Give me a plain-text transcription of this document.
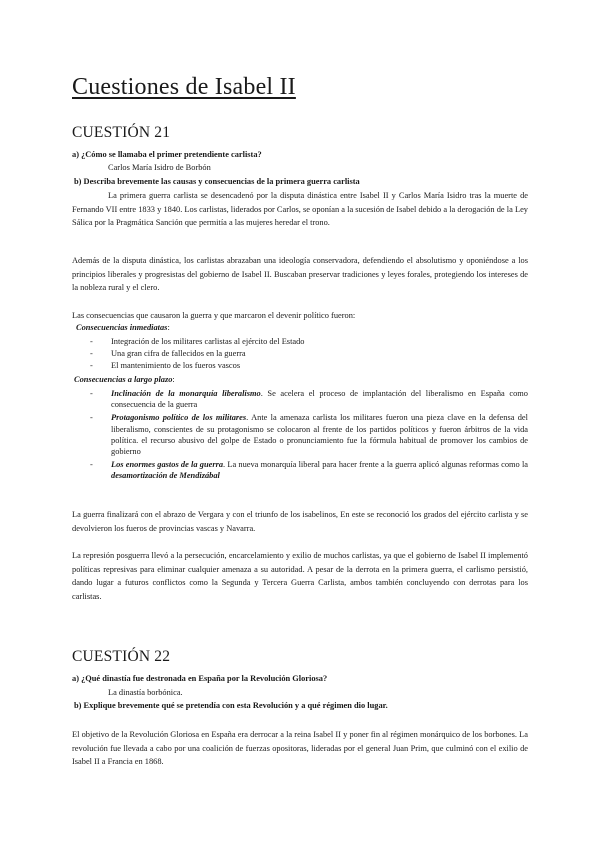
Cuestiones de Isabel II
CUESTIÓN 21

a) ¿Cómo se llamaba el primer pretendiente carlista?

Carlos María Isidro de Borbón

b) Describa brevemente las causas y consecuencias de la primera guerra carlista

La primera guerra carlista se desencadenó por la disputa dinástica entre Isabel II y Carlos María Isidro tras la muerte de Fernando VII entre 1833 y 1840. Los carlistas, liderados por Carlos, se oponían a la sucesión de Isabel debido a la derogación de la Ley Sálica por la Pragmática Sanción que permitía a las mujeres heredar el trono.

Además de la disputa dinástica, los carlistas abrazaban una ideología conservadora, defendiendo el absolutismo y oponiéndose a los principios liberales y progresistas del gobierno de Isabel II. Buscaban preservar tradiciones y leyes forales, protegiendo los intereses de la nobleza rural y el clero.

Las consecuencias que causaron la guerra y que marcaron el devenir político fueron:

Consecuencias inmediatas:

- Integración de los militares carlistas al ejército del Estado
- Una gran cifra de fallecidos en la guerra
- El mantenimiento de los fueros vascos

Consecuencias a largo plazo:

- Inclinación de la monarquía liberalismo. Se acelera el proceso de implantación del liberalismo en España como consecuencia de la guerra
- Protagonismo político de los militares. Ante la amenaza carlista los militares fueron una pieza clave en la defensa del liberalismo, conscientes de su protagonismo se colocaron al frente de los partidos políticos y fueron árbitros de la vida política. el recurso abusivo del golpe de Estado o pronunciamiento fue la fórmula habitual de promover los cambios de gobierno
- Los enormes gastos de la guerra. La nueva monarquía liberal para hacer frente a la guerra aplicó algunas reformas como la desamortización de Mendizábal

La guerra finalizará con el abrazo de Vergara y con el triunfo de los isabelinos, En este se reconoció los grados del ejército carlista y se devolvieron los fueros de provincias vascas y Navarra.

La represión posguerra llevó a la persecución, encarcelamiento y exilio de muchos carlistas, ya que el gobierno de Isabel II implementó políticas represivas para eliminar cualquier amenaza a su autoridad. A pesar de la derrota en la primera guerra, el carlismo persistió, dando lugar a futuros conflictos como la Segunda y Tercera Guerra Carlista, ambos también concluyendo con derrotas para los carlistas.

CUESTIÓN 22

a) ¿Qué dinastía fue destronada en España por la Revolución Gloriosa?

La dinastía borbónica.

b) Explique brevemente qué se pretendía con esta Revolución y a qué régimen dio lugar.

El objetivo de la Revolución Gloriosa en España era derrocar a la reina Isabel II y poner fin al régimen monárquico de los borbones. La revolución fue llevada a cabo por una coalición de fuerzas opositoras, lideradas por el general Juan Prim, que culminó con el exilio de Isabel II a Francia en 1868.
